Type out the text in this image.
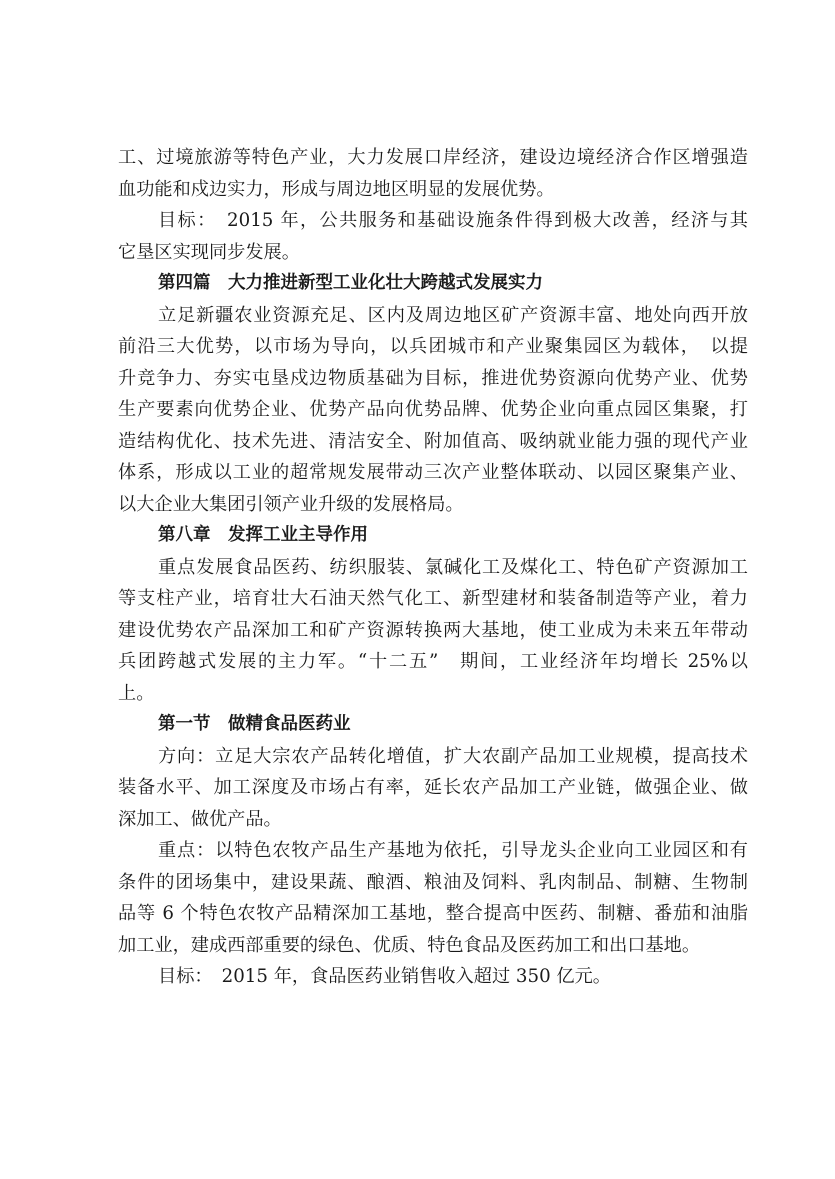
工、过境旅游等特色产业，大力发展口岸经济，建设边境经济合作区增强造
血功能和戍边实力，形成与周边地区明显的发展优势。
目标：　2015 年，公共服务和基础设施条件得到极大改善，经济与其
它垦区实现同步发展。
第四篇　大力推进新型工业化壮大跨越式发展实力
立足新疆农业资源充足、区内及周边地区矿产资源丰富、地处向西开放
前沿三大优势，以市场为导向，以兵团城市和产业聚集园区为载体，　以提
升竞争力、夯实屯垦戍边物质基础为目标，推进优势资源向优势产业、优势
生产要素向优势企业、优势产品向优势品牌、优势企业向重点园区集聚，打
造结构优化、技术先进、清洁安全、附加值高、吸纳就业能力强的现代产业
体系，形成以工业的超常规发展带动三次产业整体联动、以园区聚集产业、
以大企业大集团引领产业升级的发展格局。
第八章　发挥工业主导作用
重点发展食品医药、纺织服装、氯碱化工及煤化工、特色矿产资源加工
等支柱产业，培育壮大石油天然气化工、新型建材和装备制造等产业，着力
建设优势农产品深加工和矿产资源转换两大基地，使工业成为未来五年带动
兵团跨越式发展的主力军。“十二五”　期间，工业经济年均增长 25%以
上。
第一节　做精食品医药业
方向：立足大宗农产品转化增值，扩大农副产品加工业规模，提高技术
装备水平、加工深度及市场占有率，延长农产品加工产业链，做强企业、做
深加工、做优产品。
重点：以特色农牧产品生产基地为依托，引导龙头企业向工业园区和有
条件的团场集中，建设果蔬、酿酒、粮油及饲料、乳肉制品、制糖、生物制
品等 6 个特色农牧产品精深加工基地，整合提高中医药、制糖、番茄和油脂
加工业，建成西部重要的绿色、优质、特色食品及医药加工和出口基地。
目标：　2015 年，食品医药业销售收入超过 350 亿元。
